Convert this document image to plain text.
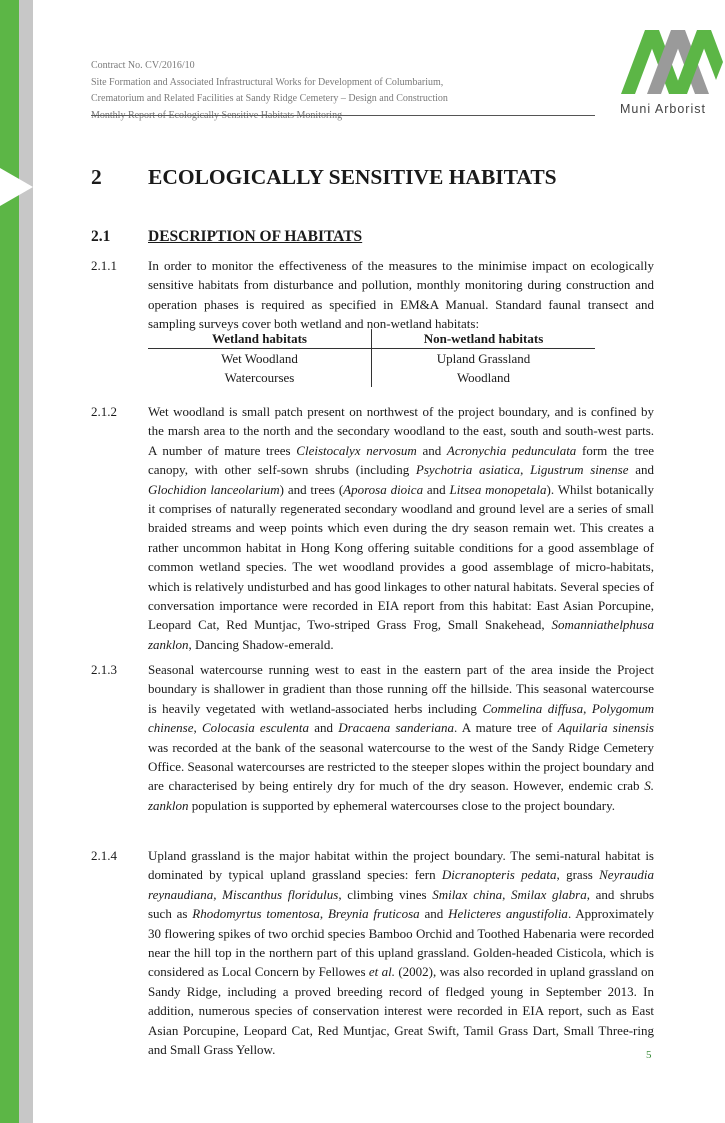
Contract No. CV/2016/10
Site Formation and Associated Infrastructural Works for Development of Columbarium,
Crematorium and Related Facilities at Sandy Ridge Cemetery – Design and Construction
Monthly Report of Ecologically Sensitive Habitats Monitoring	Muni Arborist
2 ECOLOGICALLY SENSITIVE HABITATS
2.1 DESCRIPTION OF HABITATS
2.1.1 In order to monitor the effectiveness of the measures to the minimise impact on ecologically sensitive habitats from disturbance and pollution, monthly monitoring during construction and operation phases is required as specified in EM&A Manual. Standard faunal transect and sampling surveys cover both wetland and non-wetland habitats:
Wetland habitats	Non-wetland habitats
Wet Woodland	Upland Grassland
Watercourses	Woodland
2.1.2 Wet woodland is small patch present on northwest of the project boundary, and is confined by the marsh area to the north and the secondary woodland to the east, south and south-west parts. A number of mature trees Cleistocalyx nervosum and Acronychia pedunculata form the tree canopy, with other self-sown shrubs (including Psychotria asiatica, Ligustrum sinense and Glochidion lanceolarium) and trees (Aporosa dioica and Litsea monopetala). Whilst botanically it comprises of naturally regenerated secondary woodland and ground level are a series of small braided streams and weep points which even during the dry season remain wet. This creates a rather uncommon habitat in Hong Kong offering suitable conditions for a good assemblage of common wetland species. The wet woodland provides a good assemblage of micro-habitats, which is relatively undisturbed and has good linkages to other natural habitats. Several species of conversation importance were recorded in EIA report from this habitat: East Asian Porcupine, Leopard Cat, Red Muntjac, Two-striped Grass Frog, Small Snakehead, Somanniathelphusa zanklon, Dancing Shadow-emerald.
2.1.3 Seasonal watercourse running west to east in the eastern part of the area inside the Project boundary is shallower in gradient than those running off the hillside. This seasonal watercourse is heavily vegetated with wetland-associated herbs including Commelina diffusa, Polygomum chinense, Colocasia esculenta and Dracaena sanderiana. A mature tree of Aquilaria sinensis was recorded at the bank of the seasonal watercourse to the west of the Sandy Ridge Cemetery Office. Seasonal watercourses are restricted to the steeper slopes within the project boundary and are characterised by being entirely dry for much of the dry season. However, endemic crab S. zanklon population is supported by ephemeral watercourses close to the project boundary.
2.1.4 Upland grassland is the major habitat within the project boundary. The semi-natural habitat is dominated by typical upland grassland species: fern Dicranopteris pedata, grass Neyraudia reynaudiana, Miscanthus floridulus, climbing vines Smilax china, Smilax glabra, and shrubs such as Rhodomyrtus tomentosa, Breynia fruticosa and Helicteres angustifolia. Approximately 30 flowering spikes of two orchid species Bamboo Orchid and Toothed Habenaria were recorded near the hill top in the northern part of this upland grassland. Golden-headed Cisticola, which is considered as Local Concern by Fellowes et al. (2002), was also recorded in upland grassland on Sandy Ridge, including a proved breeding record of fledged young in September 2013. In addition, numerous species of conservation interest were recorded in EIA report, such as East Asian Porcupine, Leopard Cat, Red Muntjac, Great Swift, Tamil Grass Dart, Small Three-ring and Small Grass Yellow.	5
